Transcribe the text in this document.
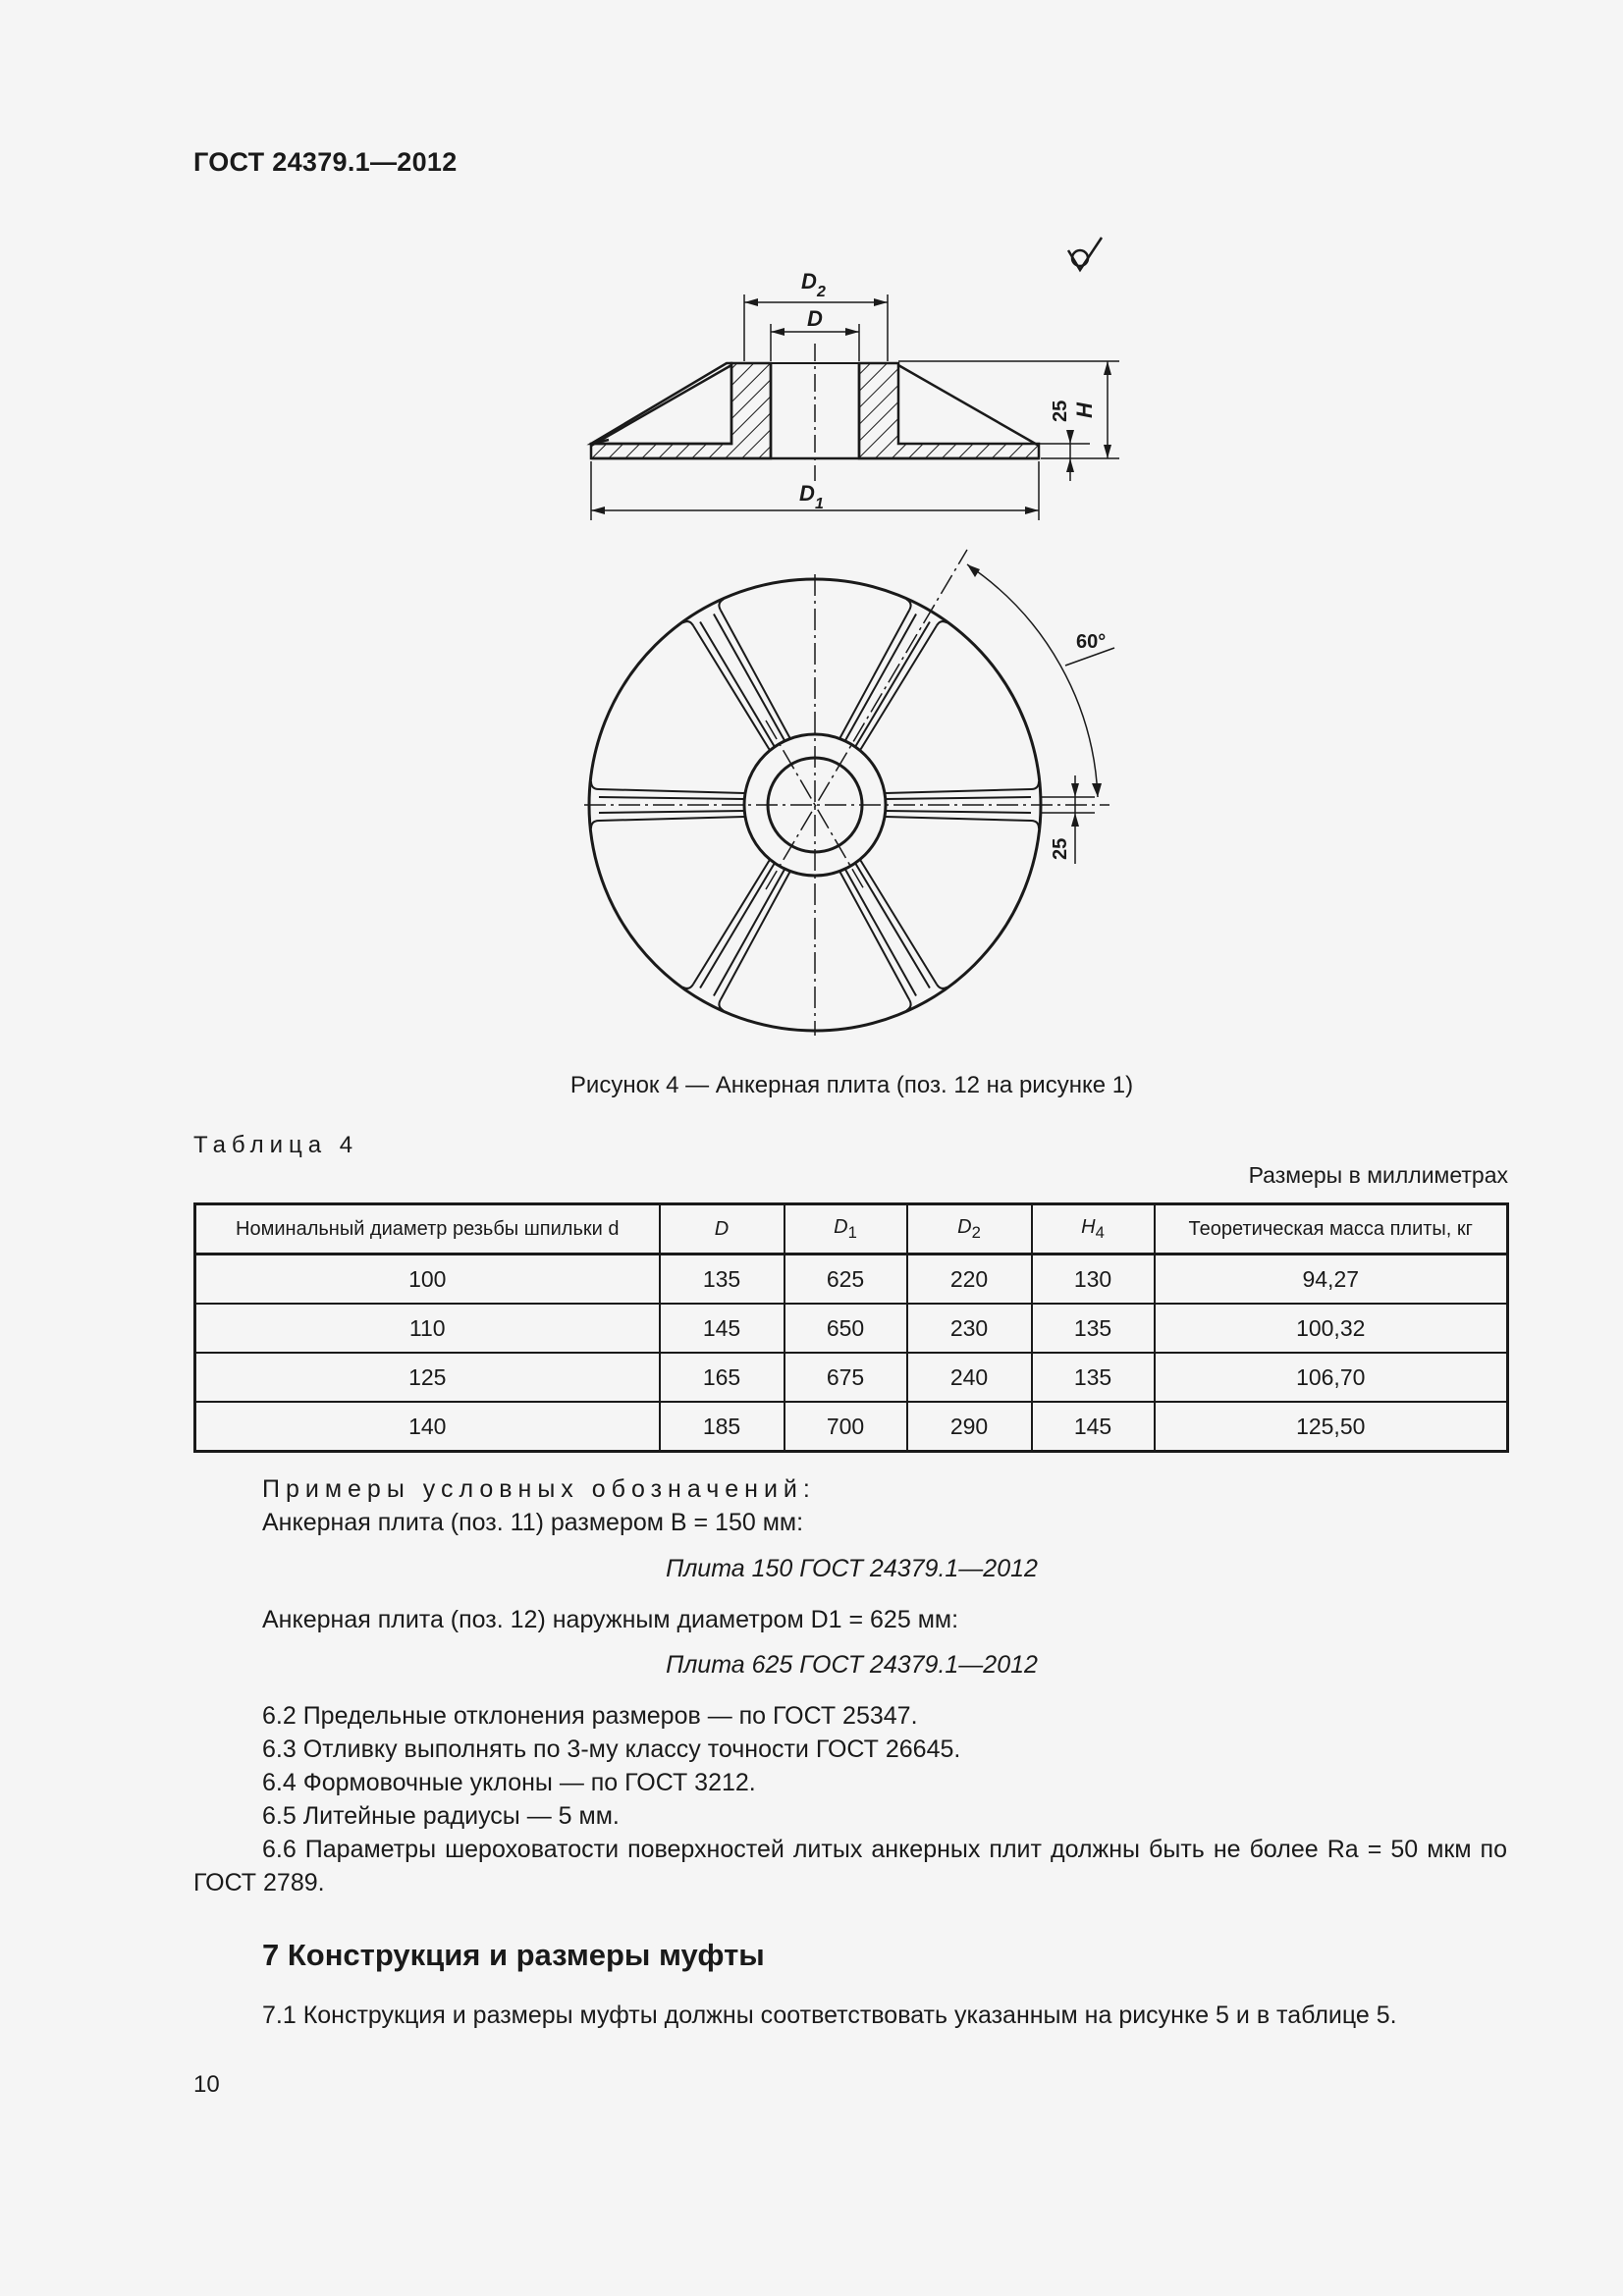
ГОСТ 24379.1—2012
D 2
D
D 1
H
25
60°
25
Рисунок 4 — Анкерная плита (поз. 12 на рисунке 1)
Таблица 4
Размеры в миллиметрах
Номинальный диаметр резьбы шпильки d	D	$D_1$	$D_2$	$H_4$	Теоретическая масса плиты, кг
100	135	625	220	130	94,27
110	145	650	230	135	100,32
125	165	675	240	135	106,70
140	185	700	290	145	125,50
Примеры условных обозначений:
Анкерная плита (поз. 11) размером B = 150 мм:
Плита 150 ГОСТ 24379.1—2012
Анкерная плита (поз. 12) наружным диаметром D1 = 625 мм:
Плита 625 ГОСТ 24379.1—2012
6.2 Предельные отклонения размеров — по ГОСТ 25347.
6.3 Отливку выполнять по 3-му классу точности ГОСТ 26645.
6.4 Формовочные уклоны — по ГОСТ 3212.
6.5 Литейные радиусы — 5 мм.
6.6 Параметры шероховатости поверхностей литых анкерных плит должны быть не более Ra = 50 мкм по ГОСТ 2789.
7 Конструкция и размеры муфты
7.1 Конструкция и размеры муфты должны соответствовать указанным на рисунке 5 и в таблице 5.
10
